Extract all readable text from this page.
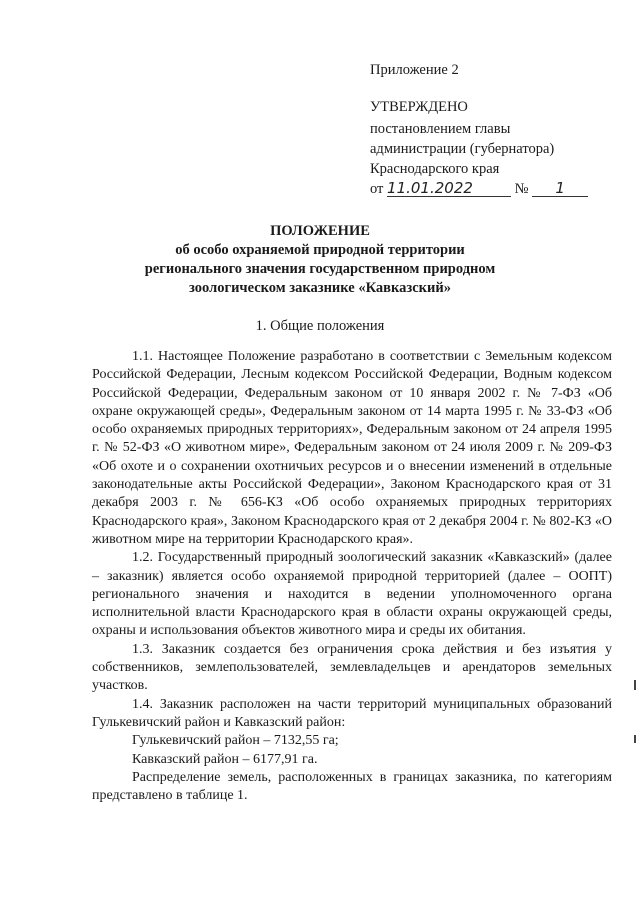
Приложение 2
УТВЕРЖДЕНО
постановлением главы
администрации (губернатора)
Краснодарского края
от 11.01.2022	№ 1
ПОЛОЖЕНИЕ
об особо охраняемой природной территории
регионального значения государственном природном
зоологическом заказнике «Кавказский»
1. Общие положения

1.1. Настоящее Положение разработано в соответствии с Земельным кодексом Российской Федерации, Лесным кодексом Российской Федерации, Водным кодексом Российской Федерации, Федеральным законом от 10 января 2002 г. № 7-ФЗ «Об охране окружающей среды», Федеральным законом от 14 марта 1995 г. № 33-ФЗ «Об особо охраняемых природных территориях», Федеральным законом от 24 апреля 1995 г. № 52-ФЗ «О животном мире», Федеральным законом от 24 июля 2009 г. № 209-ФЗ «Об охоте и о сохранении охотничьих ресурсов и о внесении изменений в отдельные законодательные акты Российской Федерации», Законом Краснодарского края от 31 декабря 2003 г. № 656-КЗ «Об особо охраняемых природных территориях Краснодарского края», Законом Краснодарского края от 2 декабря 2004 г. № 802-КЗ «О животном мире на территории Краснодарского края».

1.2. Государственный природный зоологический заказник «Кавказский» (далее – заказник) является особо охраняемой природной территорией (далее – ООПТ) регионального значения и находится в ведении уполномоченного органа исполнительной власти Краснодарского края в области охраны окружающей среды, охраны и использования объектов животного мира и среды их обитания.

1.3. Заказник создается без ограничения срока действия и без изъятия у собственников, землепользователей, землевладельцев и арендаторов земельных участков.

1.4. Заказник расположен на части территорий муниципальных образований Гулькевичский район и Кавказский район:

Гулькевичский район – 7132,55 га;

Кавказский район – 6177,91 га.

Распределение земель, расположенных в границах заказника, по категориям представлено в таблице 1.
